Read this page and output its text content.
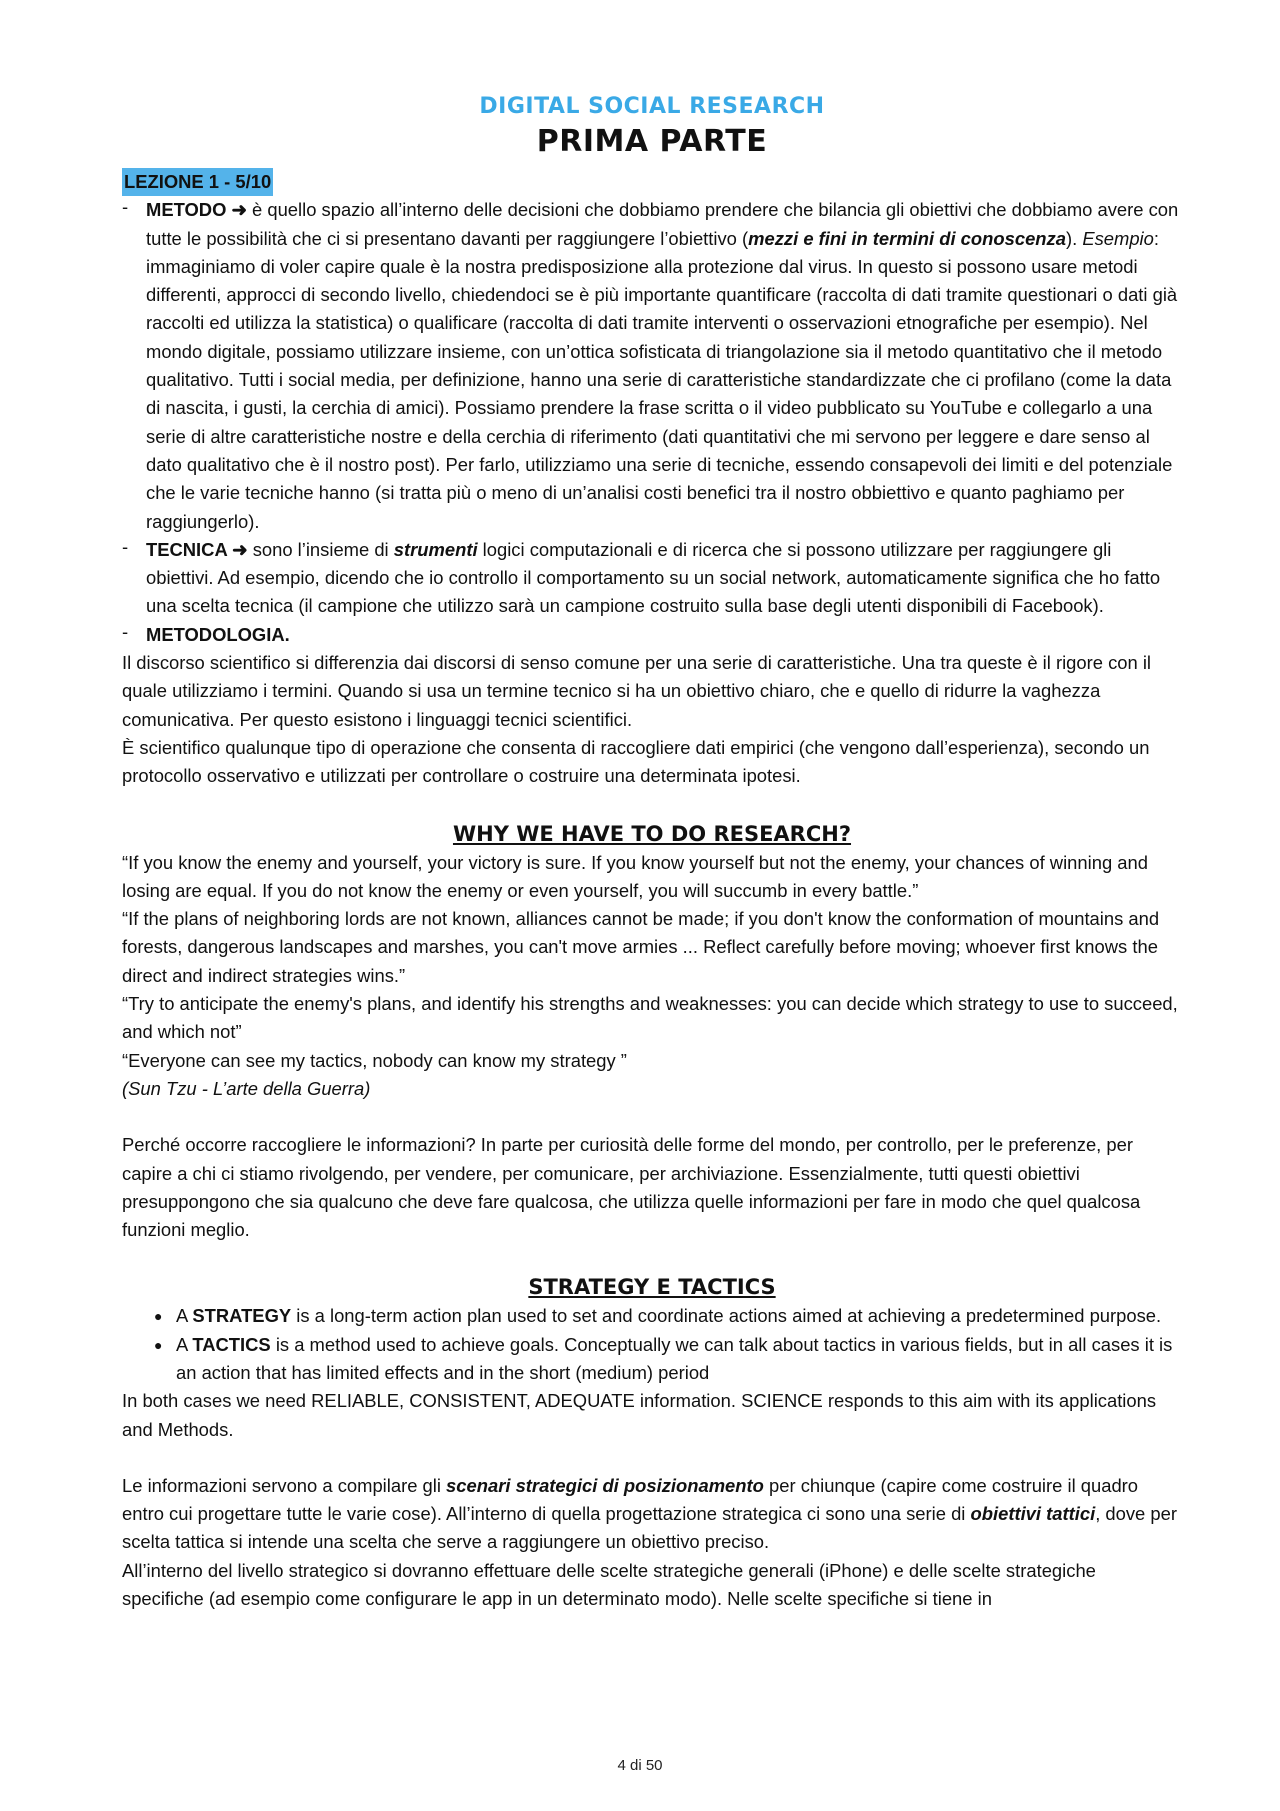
DIGITAL SOCIAL RESEARCH
PRIMA PARTE
LEZIONE 1 - 5/10
- METODO ➜ è quello spazio all’interno delle decisioni che dobbiamo prendere che bilancia gli obiettivi che dobbiamo avere con tutte le possibilità che ci si presentano davanti per raggiungere l’obiettivo (mezzi e fini in termini di conoscenza). Esempio: immaginiamo di voler capire quale è la nostra predisposizione alla protezione dal virus. In questo si possono usare metodi differenti, approcci di secondo livello, chiedendoci se è più importante quantificare (raccolta di dati tramite questionari o dati già raccolti ed utilizza la statistica) o qualificare (raccolta di dati tramite interventi o osservazioni etnografiche per esempio). Nel mondo digitale, possiamo utilizzare insieme, con un’ottica sofisticata di triangolazione sia il metodo quantitativo che il metodo qualitativo. Tutti i social media, per definizione, hanno una serie di caratteristiche standardizzate che ci profilano (come la data di nascita, i gusti, la cerchia di amici). Possiamo prendere la frase scritta o il video pubblicato su YouTube e collegarlo a una serie di altre caratteristiche nostre e della cerchia di riferimento (dati quantitativi che mi servono per leggere e dare senso al dato qualitativo che è il nostro post). Per farlo, utilizziamo una serie di tecniche, essendo consapevoli dei limiti e del potenziale che le varie tecniche hanno (si tratta più o meno di un’analisi costi benefici tra il nostro obbiettivo e quanto paghiamo per raggiungerlo).
- TECNICA ➜ sono l’insieme di strumenti logici computazionali e di ricerca che si possono utilizzare per raggiungere gli obiettivi. Ad esempio, dicendo che io controllo il comportamento su un social network, automaticamente significa che ho fatto una scelta tecnica (il campione che utilizzo sarà un campione costruito sulla base degli utenti disponibili di Facebook).
- METODOLOGIA.

Il discorso scientifico si differenzia dai discorsi di senso comune per una serie di caratteristiche. Una tra queste è il rigore con il quale utilizziamo i termini. Quando si usa un termine tecnico si ha un obiettivo chiaro, che e quello di ridurre la vaghezza comunicativa. Per questo esistono i linguaggi tecnici scientifici.

È scientifico qualunque tipo di operazione che consenta di raccogliere dati empirici (che vengono dall’esperienza), secondo un protocollo osservativo e utilizzati per controllare o costruire una determinata ipotesi.

WHY WE HAVE TO DO RESEARCH?

“If you know the enemy and yourself, your victory is sure. If you know yourself but not the enemy, your chances of winning and losing are equal. If you do not know the enemy or even yourself, you will succumb in every battle.”

“If the plans of neighboring lords are not known, alliances cannot be made; if you don't know the conformation of mountains and forests, dangerous landscapes and marshes, you can't move armies ... Reflect carefully before moving; whoever first knows the direct and indirect strategies wins.”

“Try to anticipate the enemy's plans, and identify his strengths and weaknesses: you can decide which strategy to use to succeed, and which not”

“Everyone can see my tactics, nobody can know my strategy ”

(Sun Tzu - L’arte della Guerra)

Perché occorre raccogliere le informazioni? In parte per curiosità delle forme del mondo, per controllo, per le preferenze, per capire a chi ci stiamo rivolgendo, per vendere, per comunicare, per archiviazione. Essenzialmente, tutti questi obiettivi presuppongono che sia qualcuno che deve fare qualcosa, che utilizza quelle informazioni per fare in modo che quel qualcosa funzioni meglio.

STRATEGY E TACTICS
● A STRATEGY is a long-term action plan used to set and coordinate actions aimed at achieving a predetermined purpose.
● A TACTICS is a method used to achieve goals. Conceptually we can talk about tactics in various fields, but in all cases it is an action that has limited effects and in the short (medium) period

In both cases we need RELIABLE, CONSISTENT, ADEQUATE information. SCIENCE responds to this aim with its applications and Methods.

Le informazioni servono a compilare gli scenari strategici di posizionamento per chiunque (capire come costruire il quadro entro cui progettare tutte le varie cose). All’interno di quella progettazione strategica ci sono una serie di obiettivi tattici, dove per scelta tattica si intende una scelta che serve a raggiungere un obiettivo preciso.

All’interno del livello strategico si dovranno effettuare delle scelte strategiche generali (iPhone) e delle scelte strategiche specifiche (ad esempio come configurare le app in un determinato modo). Nelle scelte specifiche si tiene in

4 di 50
